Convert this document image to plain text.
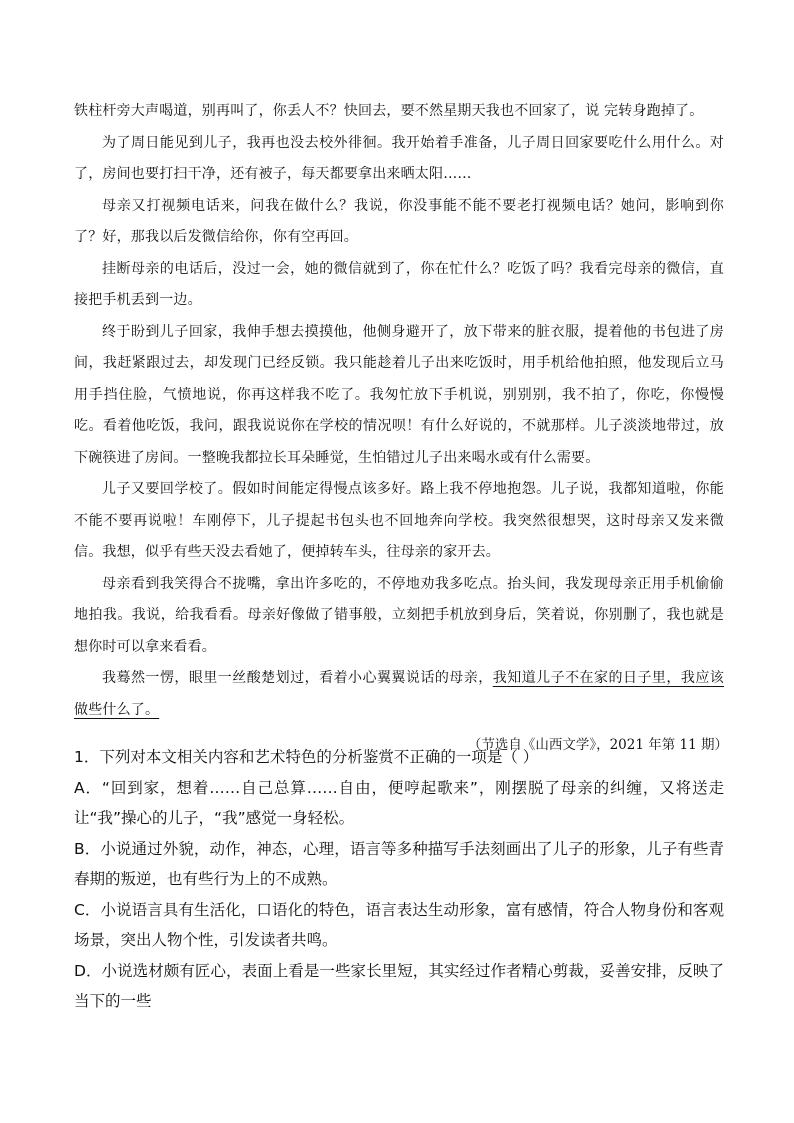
铁柱杆旁大声喝道，别再叫了，你丢人不？快回去，要不然星期天我也不回家了，说 完转身跑掉了。

为了周日能见到儿子，我再也没去校外徘徊。我开始着手准备，儿子周日回家要吃什么用什么。对了，房间也要打扫干净，还有被子，每天都要拿出来晒太阳……

母亲又打视频电话来，问我在做什么？我说，你没事能不能不要老打视频电话？她问，影响到你了？好，那我以后发微信给你，你有空再回。

挂断母亲的电话后，没过一会，她的微信就到了，你在忙什么？吃饭了吗？我看完母亲的微信，直接把手机丢到一边。

终于盼到儿子回家，我伸手想去摸摸他，他侧身避开了，放下带来的脏衣服，提着他的书包进了房间，我赶紧跟过去，却发现门已经反锁。我只能趁着儿子出来吃饭时，用手机给他拍照，他发现后立马用手挡住脸，气愤地说，你再这样我不吃了。我匆忙放下手机说，别别别，我不拍了，你吃，你慢慢吃。看着他吃饭，我问，跟我说说你在学校的情况呗！有什么好说的，不就那样。儿子淡淡地带过，放下碗筷进了房间。一整晚我都拉长耳朵睡觉，生怕错过儿子出来喝水或有什么需要。

儿子又要回学校了。假如时间能定得慢点该多好。路上我不停地抱怨。儿子说，我都知道啦，你能不能不要再说啦！车刚停下，儿子提起书包头也不回地奔向学校。我突然很想哭，这时母亲又发来微信。我想，似乎有些天没去看她了，便掉转车头，往母亲的家开去。

母亲看到我笑得合不拢嘴，拿出许多吃的，不停地劝我多吃点。抬头间，我发现母亲正用手机偷偷地拍我。我说，给我看看。母亲好像做了错事般，立刻把手机放到身后，笑着说，你别删了，我也就是想你时可以拿来看看。

我蓦然一愣，眼里一丝酸楚划过，看着小心翼翼说话的母亲，我知道儿子不在家的日子里，我应该做些什么了。

（节选自《山西文学》，2021 年第 11 期）

1．下列对本文相关内容和艺术特色的分析鉴赏不正确的一项是（ ）

A．“回到家，想着……自己总算……自由，便哼起歌来”，刚摆脱了母亲的纠缠，又将送走让“我”操心的儿子，“我”感觉一身轻松。

B．小说通过外貌，动作，神态，心理，语言等多种描写手法刻画出了儿子的形象，儿子有些青春期的叛逆，也有些行为上的不成熟。

C．小说语言具有生活化，口语化的特色，语言表达生动形象，富有感情，符合人物身份和客观场景，突出人物个性，引发读者共鸣。

D．小说选材颇有匠心，表面上看是一些家长里短，其实经过作者精心剪裁，妥善安排，反映了当下的一些
